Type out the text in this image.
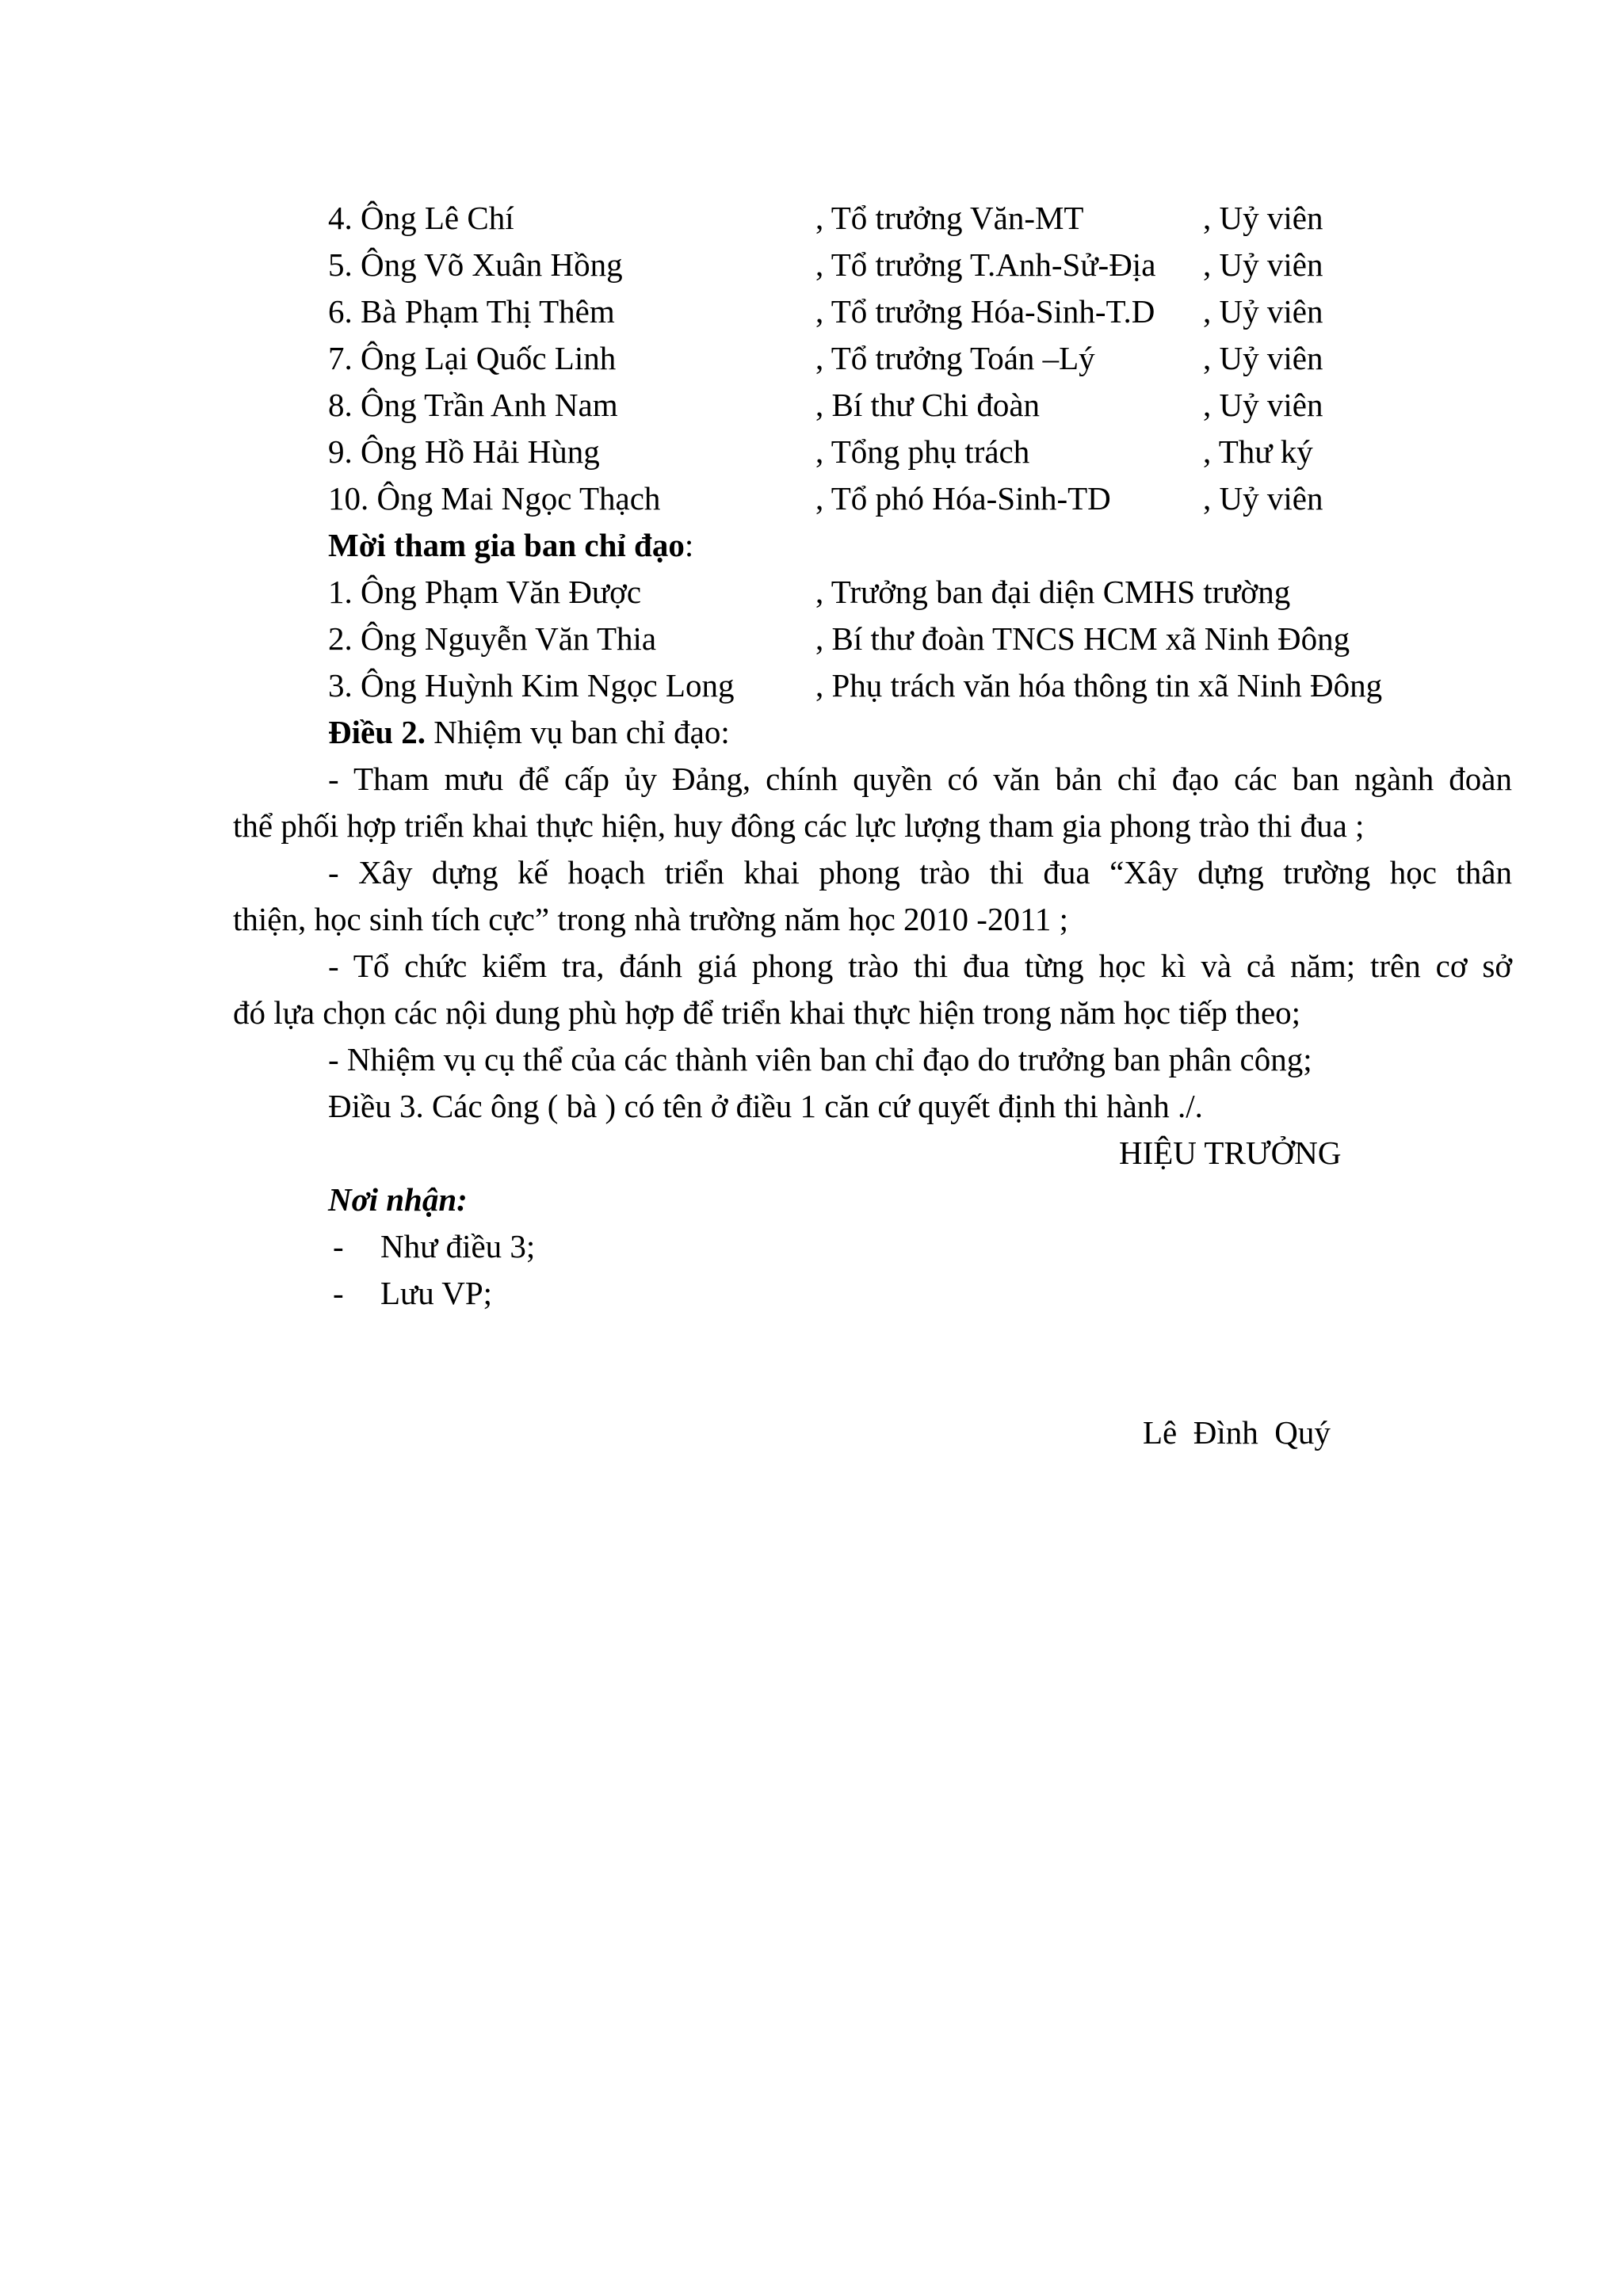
4. Ông Lê Chí	, Tổ trưởng Văn-MT	, Uỷ viên
5. Ông Võ Xuân Hồng	, Tổ trưởng T.Anh-Sử-Địa , Uỷ viên
6. Bà Phạm Thị Thêm	, Tổ trưởng Hóa-Sinh-T.D , Uỷ viên
7. Ông Lại Quốc Linh	, Tổ trưởng Toán –Lý	, Uỷ viên
8. Ông Trần Anh Nam	, Bí thư Chi đoàn	, Uỷ viên
9. Ông Hồ Hải Hùng	, Tổng phụ trách	, Thư ký
10. Ông Mai Ngọc Thạch	, Tổ phó Hóa-Sinh-TD	, Uỷ viên
Mời tham gia ban chỉ đạo:
1. Ông Phạm Văn Được	, Trưởng ban đại diện CMHS trường
2. Ông Nguyễn Văn Thia	, Bí thư đoàn TNCS HCM xã Ninh Đông
3. Ông Huỳnh Kim Ngọc Long	, Phụ trách văn hóa thông tin xã Ninh Đông
Điều 2. Nhiệm vụ ban chỉ đạo:
- Tham mưu để cấp ủy Đảng, chính quyền có văn bản chỉ đạo các ban ngành đoàn
thể phối hợp triển khai thực hiện, huy đông các lực lượng tham gia phong trào thi đua ;
- Xây dựng kế hoạch triển khai phong trào thi đua “Xây dựng trường học thân
thiện, học sinh tích cực” trong nhà trường năm học 2010 -2011 ;
- Tổ chức kiểm tra, đánh giá phong trào thi đua từng học kì và cả năm; trên cơ sở
đó lựa chọn các nội dung phù hợp để triển khai thực hiện trong năm học tiếp theo;
- Nhiệm vụ cụ thể của các thành viên ban chỉ đạo do trưởng ban phân công;
Điều 3. Các ông ( bà ) có tên ở điều 1 căn cứ quyết định thi hành ./.
HIỆU TRƯỞNG
Nơi nhận:
- Như điều 3;
- Lưu VP;
Lê  Đình  Quý
